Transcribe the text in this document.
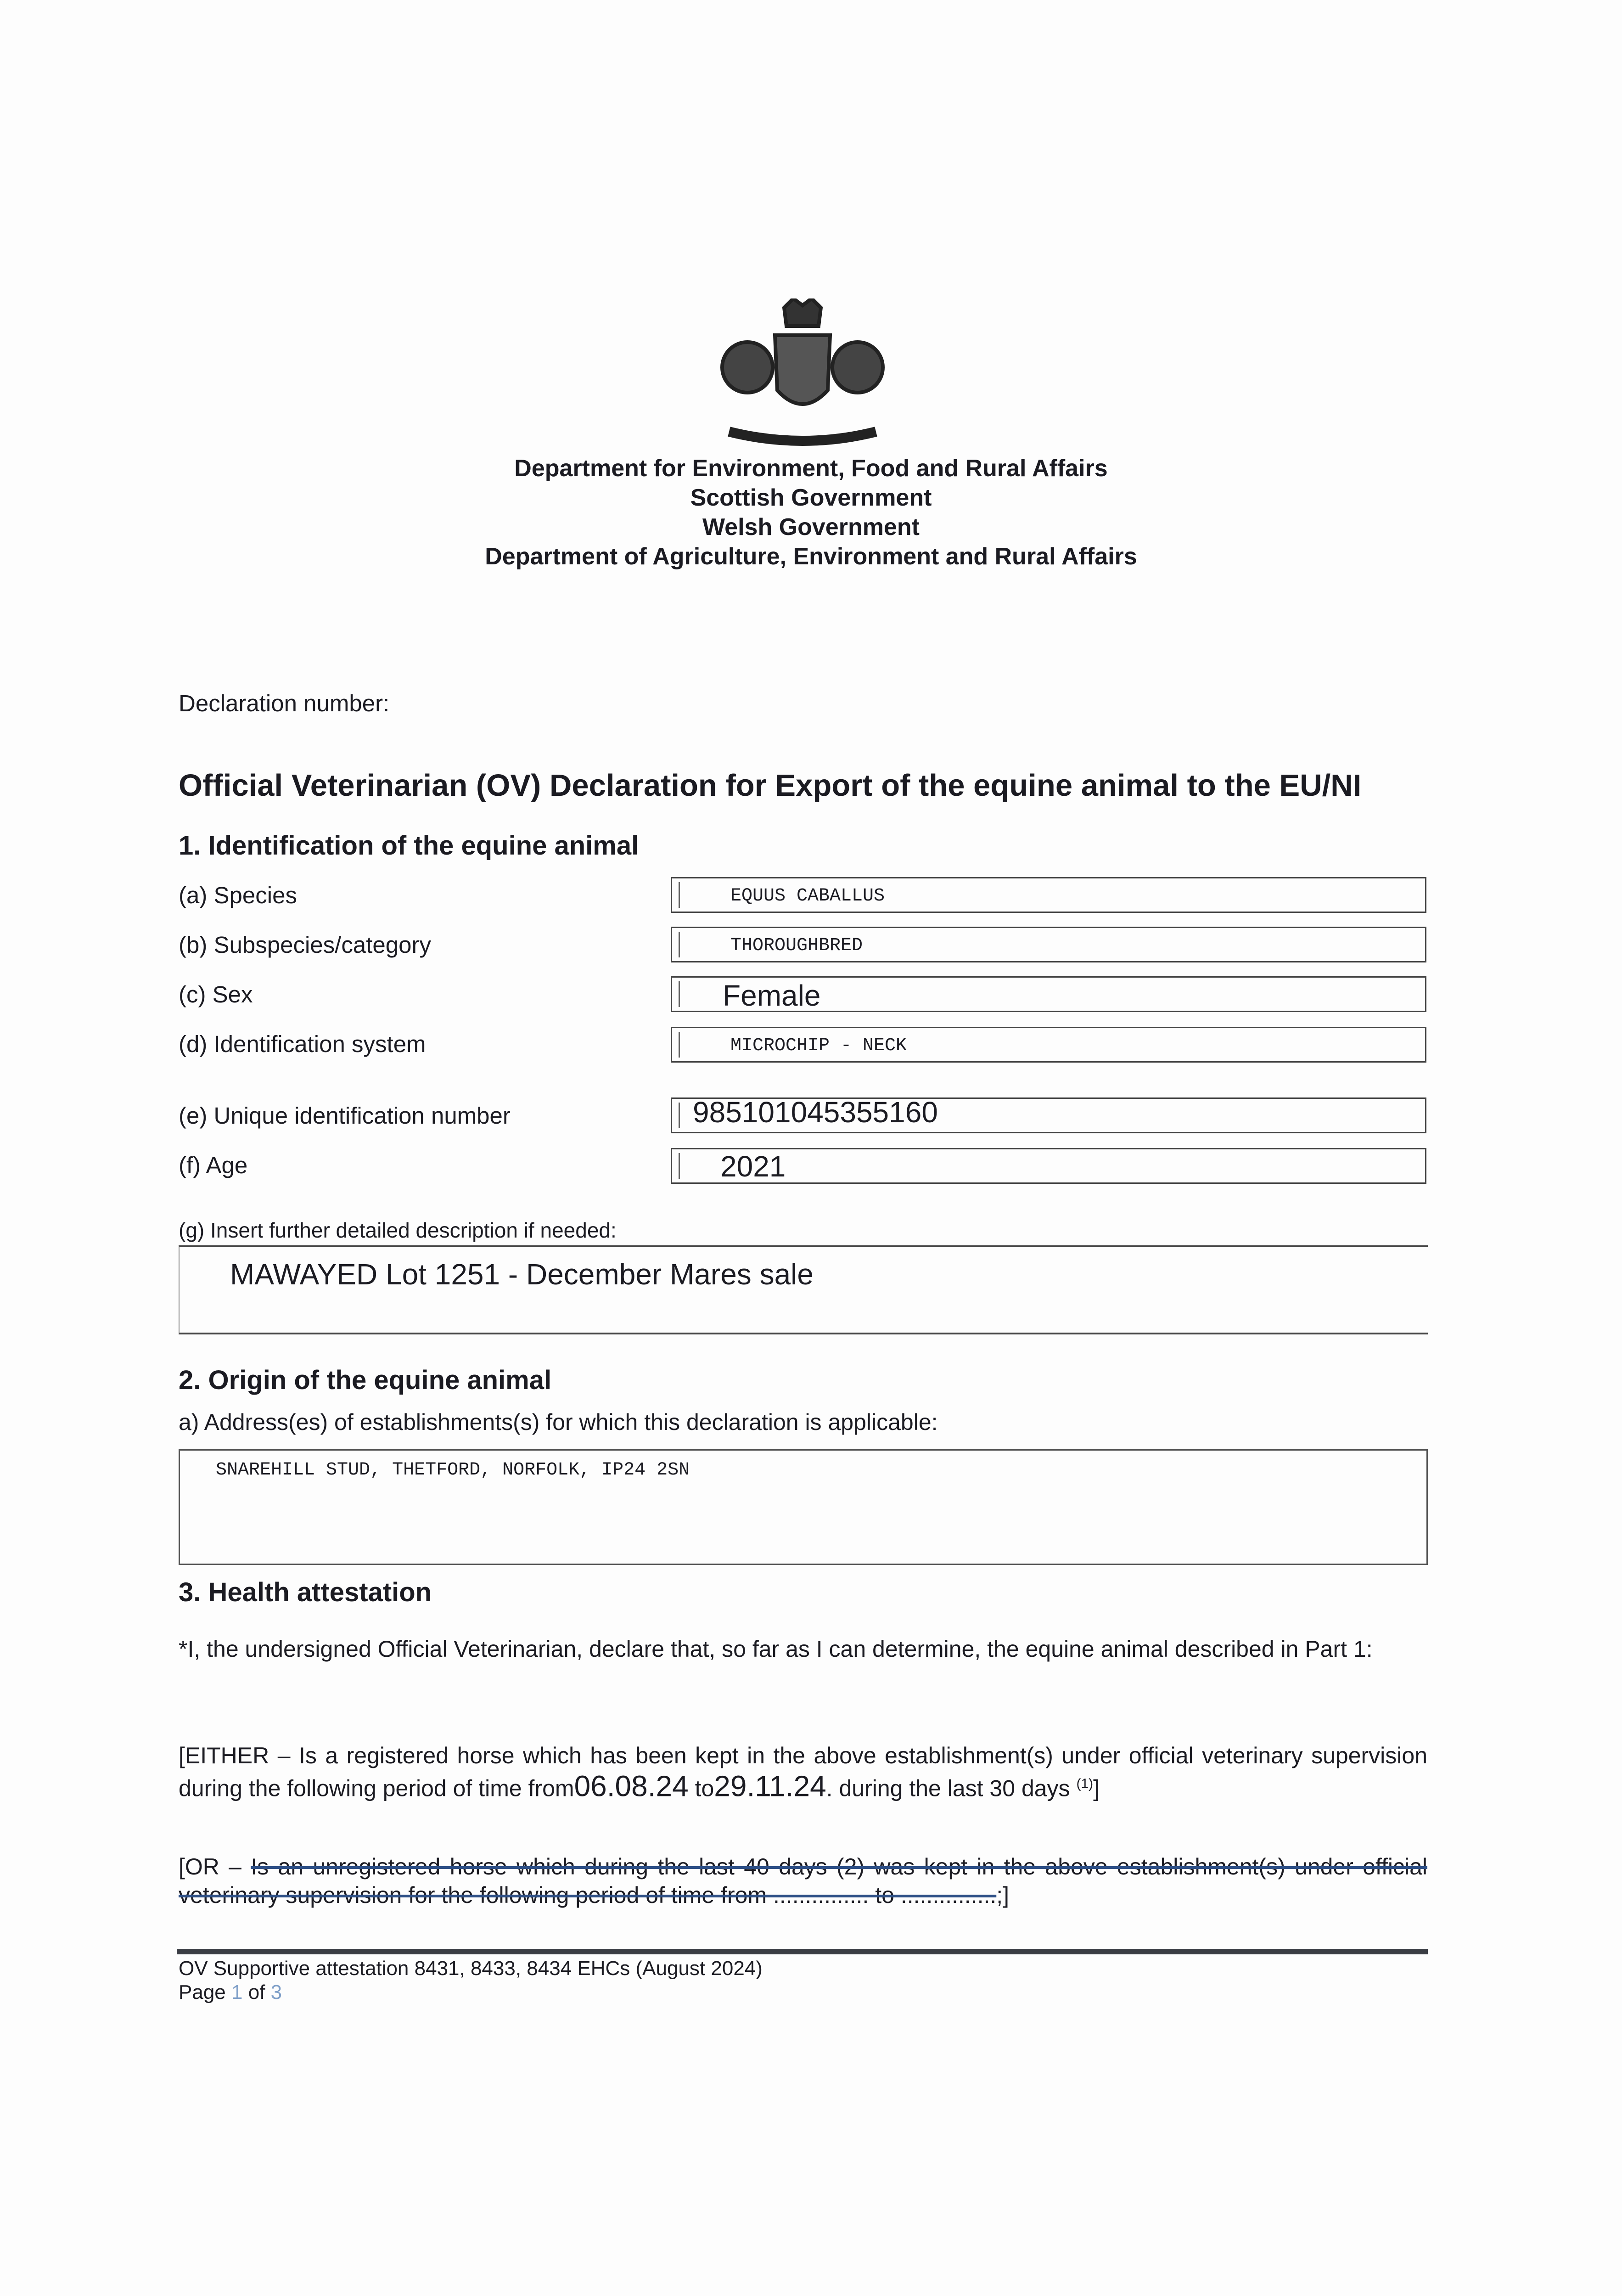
Department for Environment, Food and Rural Affairs
Scottish Government
Welsh Government
Department of Agriculture, Environment and Rural Affairs
Declaration number:
Official Veterinarian (OV) Declaration for Export of the equine animal to the EU/NI
1. Identification of the equine animal
(a) Species	EQUUS CABALLUS
(b) Subspecies/category	THOROUGHBRED
(c) Sex	Female
(d) Identification system	MICROCHIP - NECK
(e) Unique identification number	985101045355160
(f) Age	2021
(g) Insert further detailed description if needed:
MAWAYED Lot 1251 - December Mares sale
2. Origin of the equine animal
a) Address(es) of establishments(s) for which this declaration is applicable:
SNAREHILL STUD, THETFORD, NORFOLK, IP24 2SN
3. Health attestation
*I, the undersigned Official Veterinarian, declare that, so far as I can determine, the equine animal described in Part 1:
[EITHER – Is a registered horse which has been kept in the above establishment(s) under official veterinary supervision during the following period of time from06.08.24 to29.11.24. during the last 30 days $^{(1)}$]
[OR – Is an unregistered horse which during the last 40 days (2) was kept in the above establishment(s) under official veterinary supervision for the following period of time from ............... to ...............;]
OV Supportive attestation 8431, 8433, 8434 EHCs (August 2024)
Page 1 of 3
